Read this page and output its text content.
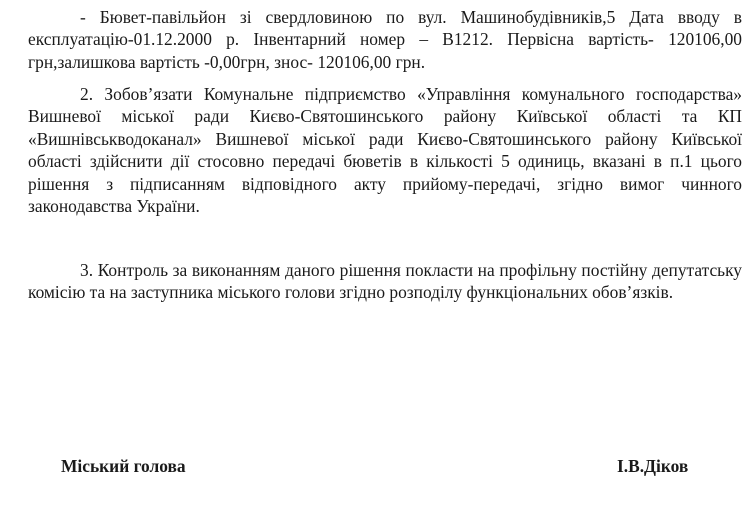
- Бювет-павільйон зі свердловиною по вул. Машинобудівників,5 Дата вводу в експлуатацію-01.12.2000 р. Інвентарний номер – В1212. Первісна вартість- 120106,00 грн,залишкова вартість -0,00грн, знос- 120106,00 грн.

2. Зобов’язати Комунальне підприємство «Управління комунального господарства» Вишневої міської ради Києво-Святошинського району Київської області та КП «Вишнівськводоканал» Вишневої міської ради Києво-Святошинського району Київської області здійснити дії стосовно передачі бюветів в кількості 5 одиниць, вказані в п.1 цього рішення з підписанням відповідного акту прийому-передачі, згідно вимог чинного законодавства України.

3. Контроль за виконанням даного рішення покласти на профільну постійну депутатську комісію та на заступника міського голови згідно розподілу функціональних обов’язків.

Міський голова	І.В.Діков
